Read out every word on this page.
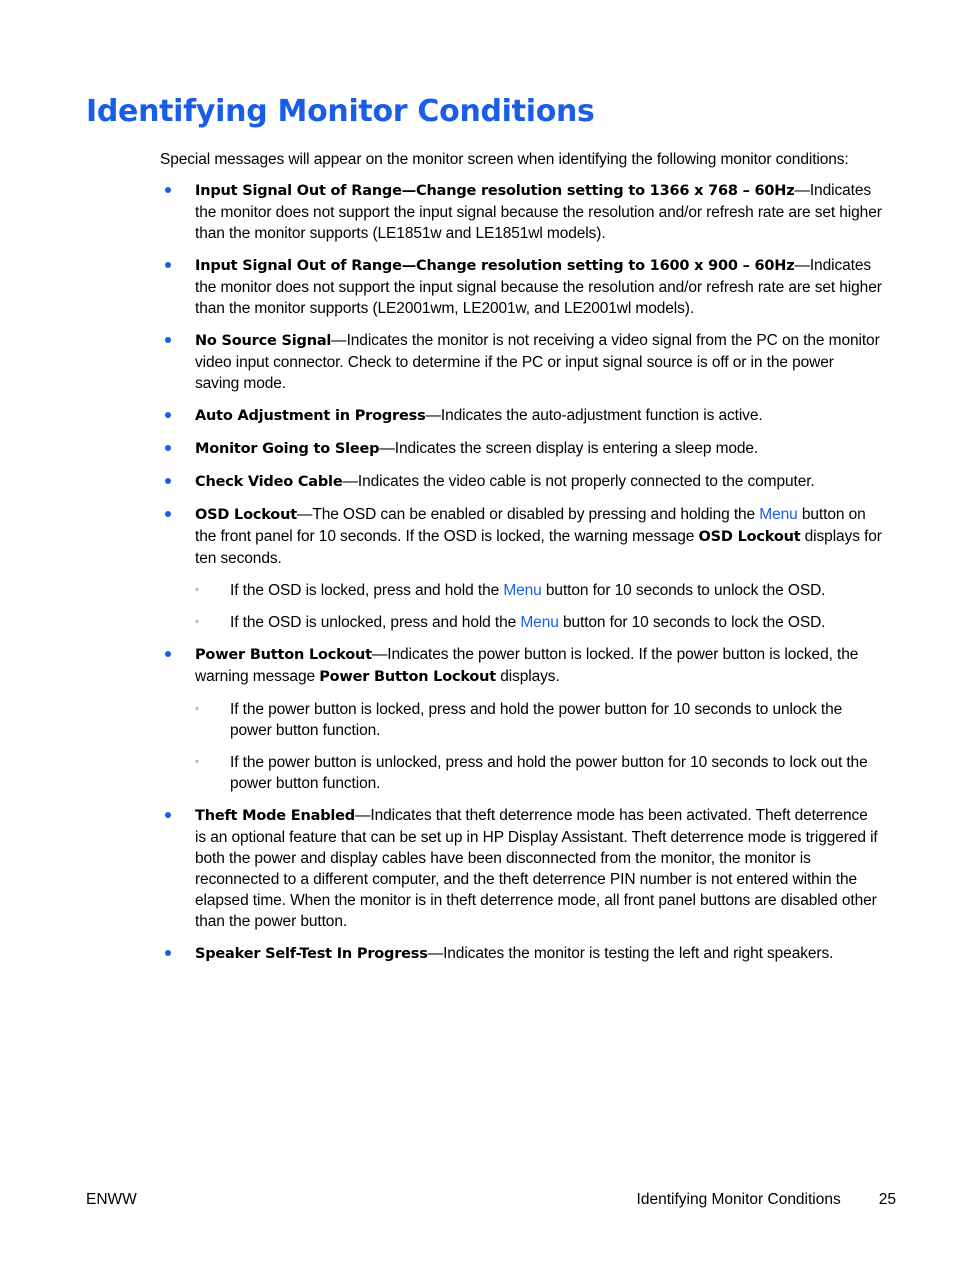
Identifying Monitor Conditions
Special messages will appear on the monitor screen when identifying the following monitor conditions:
Input Signal Out of Range—Change resolution setting to 1366 x 768 – 60Hz—Indicates the monitor does not support the input signal because the resolution and/or refresh rate are set higher than the monitor supports (LE1851w and LE1851wl models).
Input Signal Out of Range—Change resolution setting to 1600 x 900 – 60Hz—Indicates the monitor does not support the input signal because the resolution and/or refresh rate are set higher than the monitor supports (LE2001wm, LE2001w, and LE2001wl models).
No Source Signal—Indicates the monitor is not receiving a video signal from the PC on the monitor video input connector. Check to determine if the PC or input signal source is off or in the power saving mode.
Auto Adjustment in Progress—Indicates the auto-adjustment function is active.
Monitor Going to Sleep—Indicates the screen display is entering a sleep mode.
Check Video Cable—Indicates the video cable is not properly connected to the computer.
OSD Lockout—The OSD can be enabled or disabled by pressing and holding the Menu button on the front panel for 10 seconds. If the OSD is locked, the warning message OSD Lockout displays for ten seconds.
◦ If the OSD is locked, press and hold the Menu button for 10 seconds to unlock the OSD.
◦ If the OSD is unlocked, press and hold the Menu button for 10 seconds to lock the OSD.
Power Button Lockout—Indicates the power button is locked. If the power button is locked, the warning message Power Button Lockout displays.
◦ If the power button is locked, press and hold the power button for 10 seconds to unlock the power button function.
◦ If the power button is unlocked, press and hold the power button for 10 seconds to lock out the power button function.
Theft Mode Enabled—Indicates that theft deterrence mode has been activated. Theft deterrence is an optional feature that can be set up in HP Display Assistant. Theft deterrence mode is triggered if both the power and display cables have been disconnected from the monitor, the monitor is reconnected to a different computer, and the theft deterrence PIN number is not entered within the elapsed time. When the monitor is in theft deterrence mode, all front panel buttons are disabled other than the power button.
Speaker Self-Test In Progress—Indicates the monitor is testing the left and right speakers.
ENWW	Identifying Monitor Conditions 25
